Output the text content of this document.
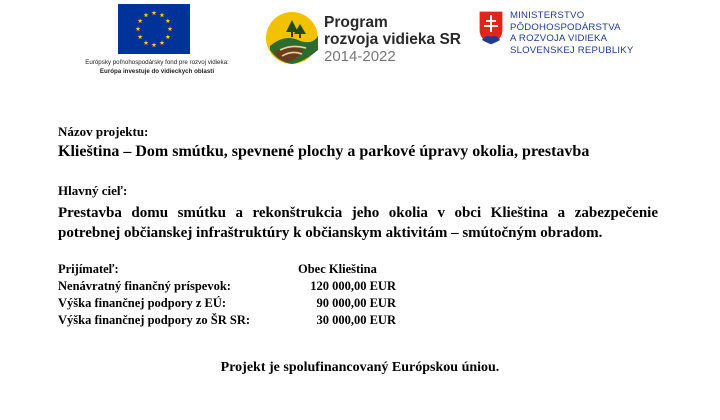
Európsky poľnohospodársky fond pre rozvoj vidieka:
Európa investuje do vidieckych oblastí
Program
rozvoja vidieka SR
2014-2022
MINISTERSTVO
PÔDOHOSPODÁRSTVA
A ROZVOJA VIDIEKA
SLOVENSKEJ REPUBLIKY
Názov projektu:
Klieština – Dom smútku, spevnené plochy a parkové úpravy okolia, prestavba
Hlavný cieľ:
Prestavba domu smútku a rekonštrukcia jeho okolia v obci Klieština a zabezpečenie potrebnej občianskej infraštruktúry k občianskym aktivitám – smútočným obradom.
Prijímateľ:	Obec Klieština
Nenávratný finančný príspevok:	120 000,00 EUR
Výška finančnej podpory z EÚ:	90 000,00 EUR
Výška finančnej podpory zo ŠR SR:	30 000,00 EUR
Projekt je spolufinancovaný Európskou úniou.
